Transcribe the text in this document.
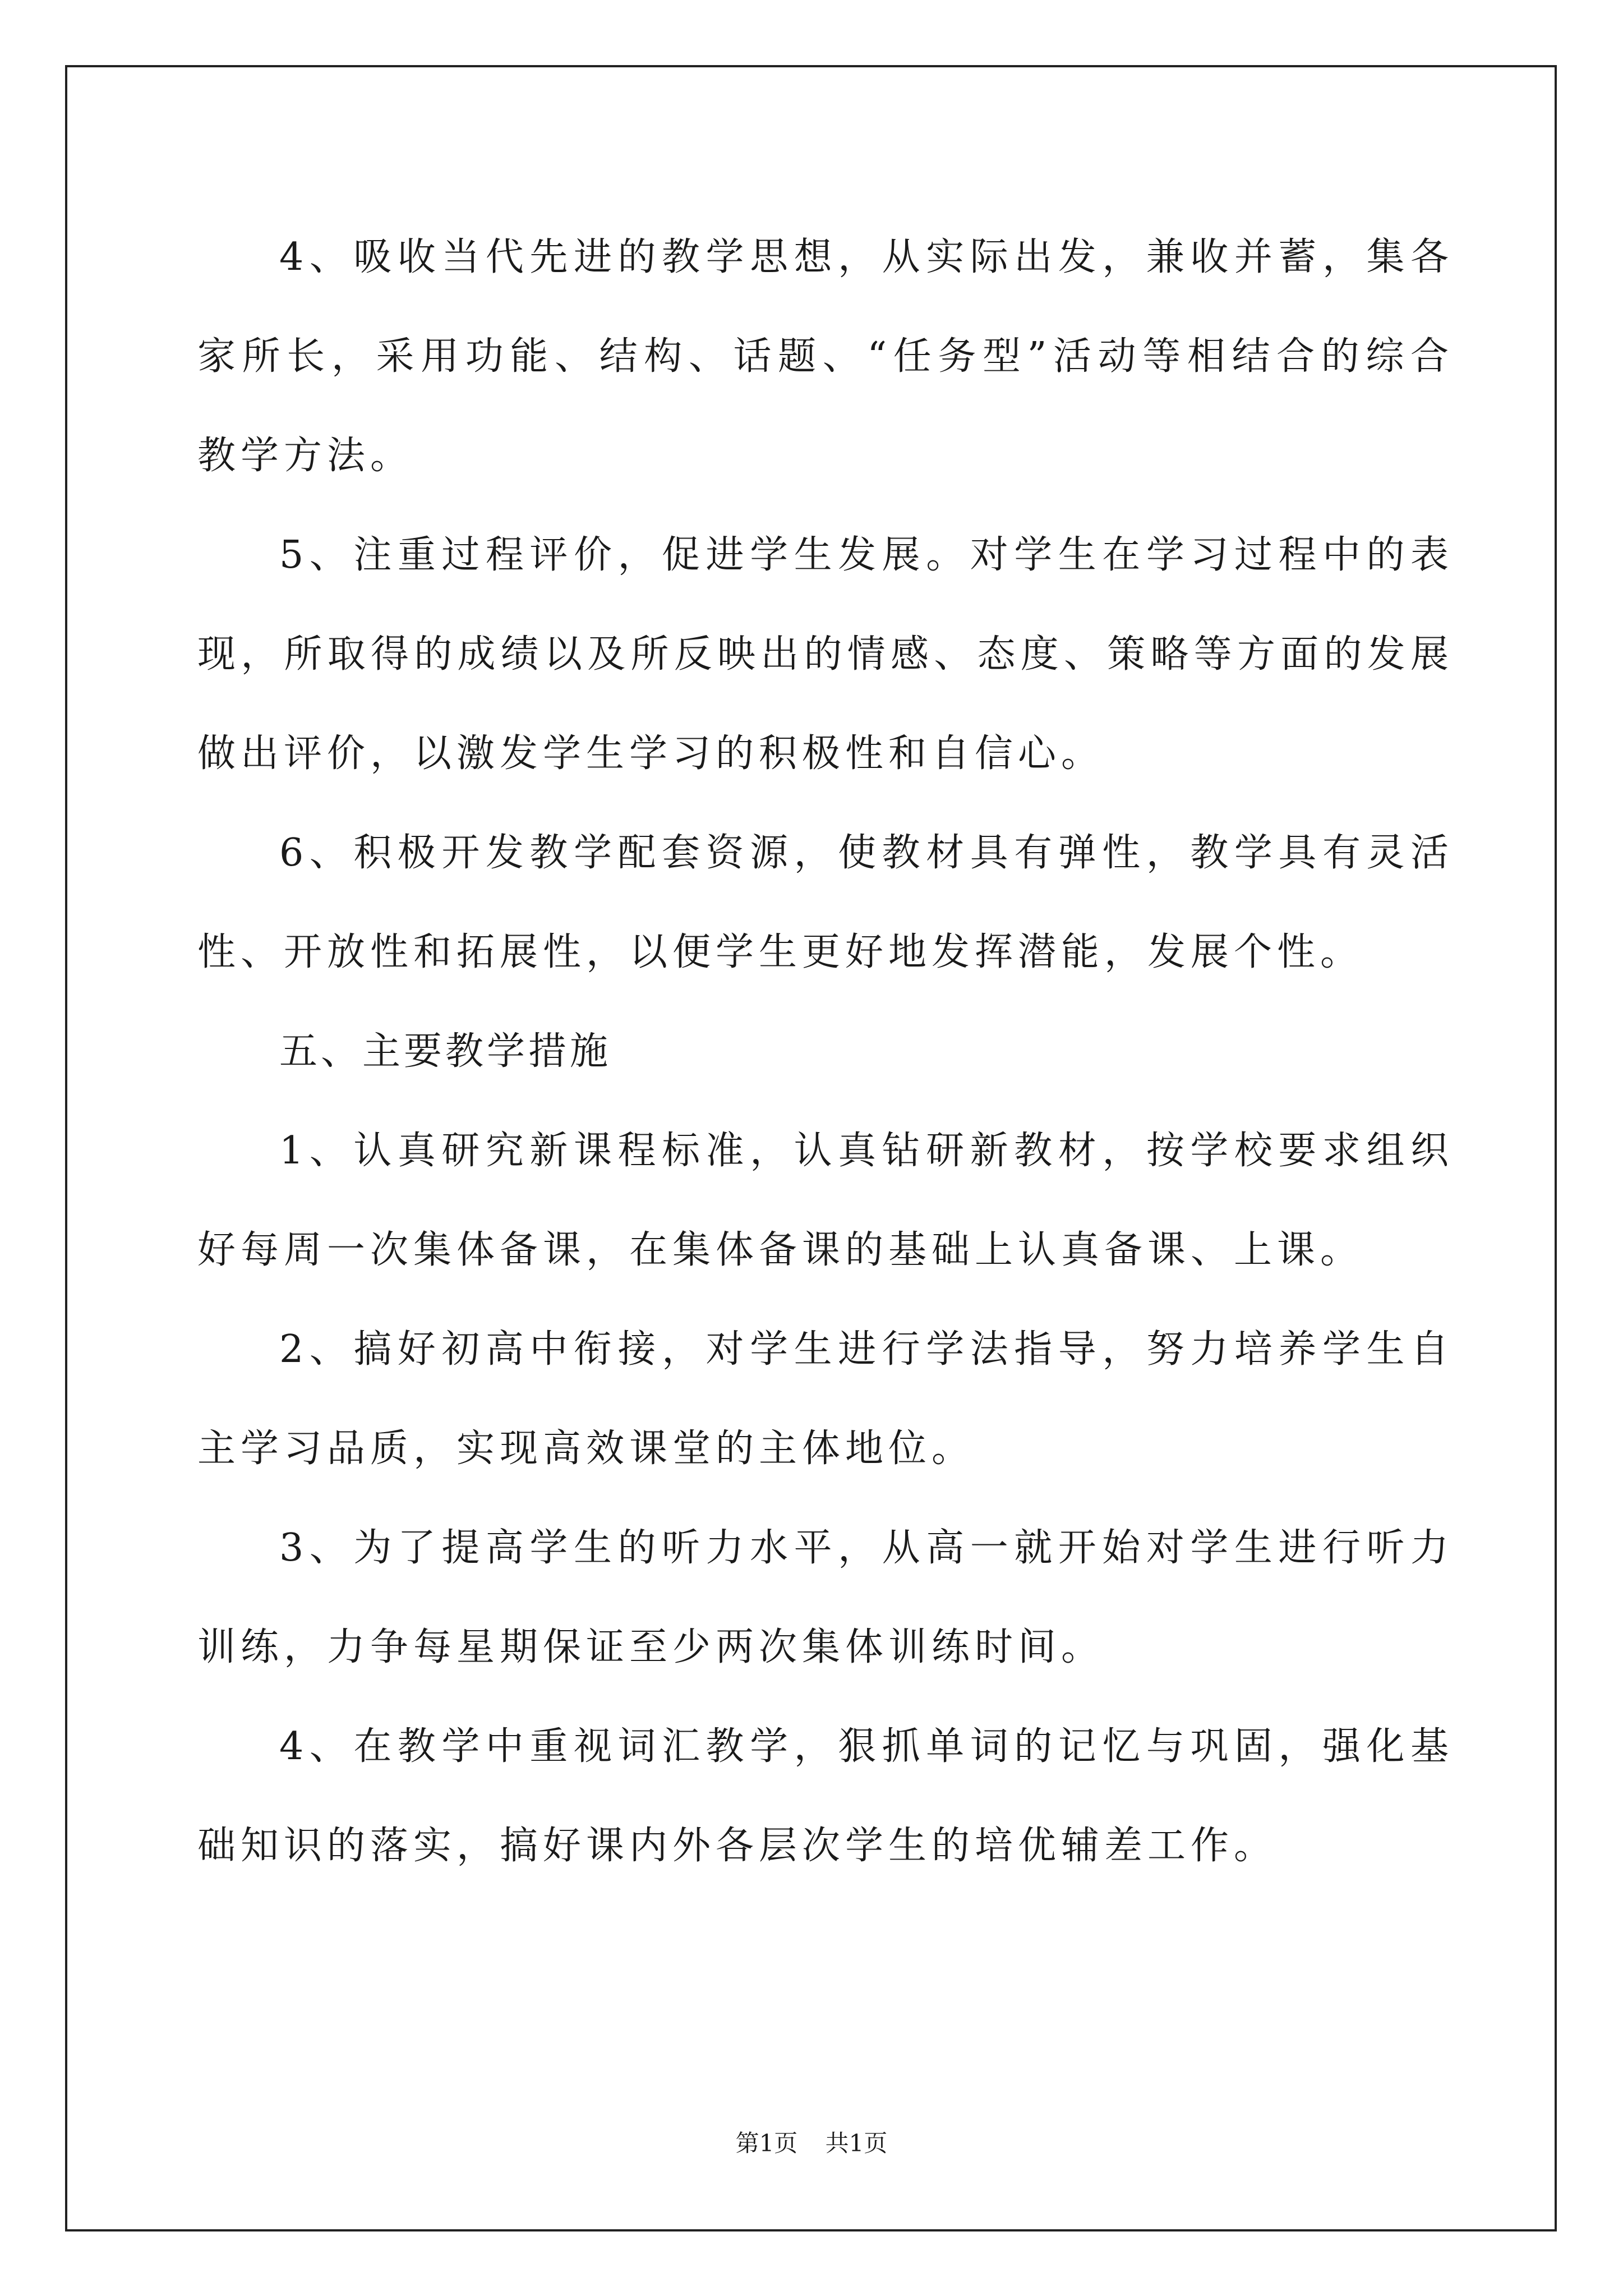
4、吸收当代先进的教学思想，从实际出发，兼收并蓄，集各家所长，采用功能、结构、话题、“任务型”活动等相结合的综合教学方法。

5、注重过程评价，促进学生发展。对学生在学习过程中的表现，所取得的成绩以及所反映出的情感、态度、策略等方面的发展做出评价，以激发学生学习的积极性和自信心。

6、积极开发教学配套资源，使教材具有弹性，教学具有灵活性、开放性和拓展性，以便学生更好地发挥潜能，发展个性。

五、主要教学措施

1、认真研究新课程标准，认真钻研新教材，按学校要求组织好每周一次集体备课，在集体备课的基础上认真备课、上课。

2、搞好初高中衔接，对学生进行学法指导，努力培养学生自主学习品质，实现高效课堂的主体地位。

3、为了提高学生的听力水平，从高一就开始对学生进行听力训练，力争每星期保证至少两次集体训练时间。

4、在教学中重视词汇教学，狠抓单词的记忆与巩固，强化基础知识的落实，搞好课内外各层次学生的培优辅差工作。

第1页 共1页
